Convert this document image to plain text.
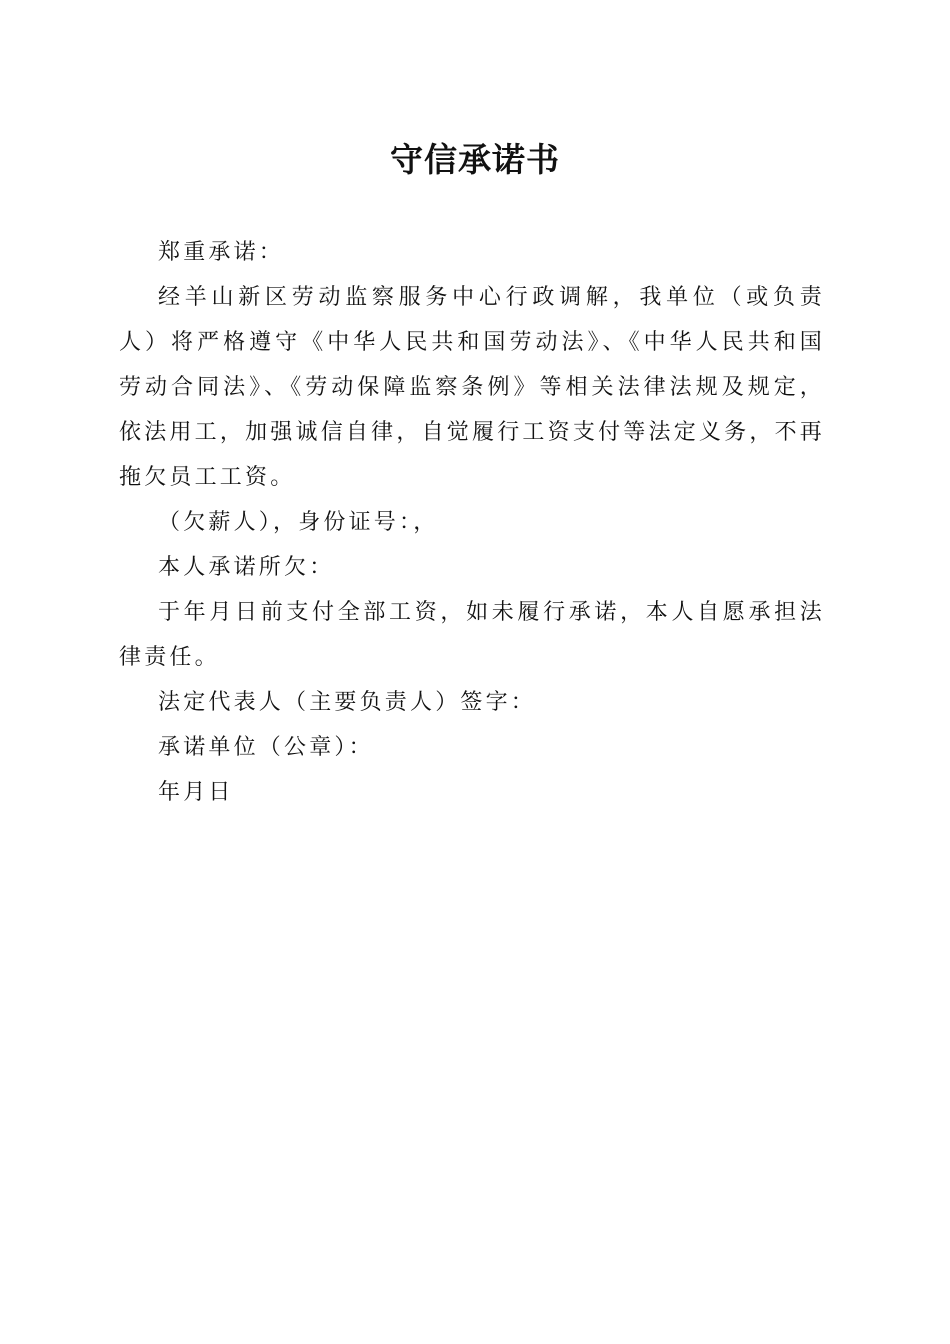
守信承诺书

郑重承诺：

经羊山新区劳动监察服务中心行政调解，我单位（或负责人）将严格遵守《中华人民共和国劳动法》、《中华人民共和国劳动合同法》、《劳动保障监察条例》等相关法律法规及规定，依法用工，加强诚信自律，自觉履行工资支付等法定义务，不再拖欠员工工资。

（欠薪人），身份证号：，

本人承诺所欠：

于年月日前支付全部工资，如未履行承诺，本人自愿承担法律责任。

法定代表人（主要负责人）签字：

承诺单位（公章）：

年月日
